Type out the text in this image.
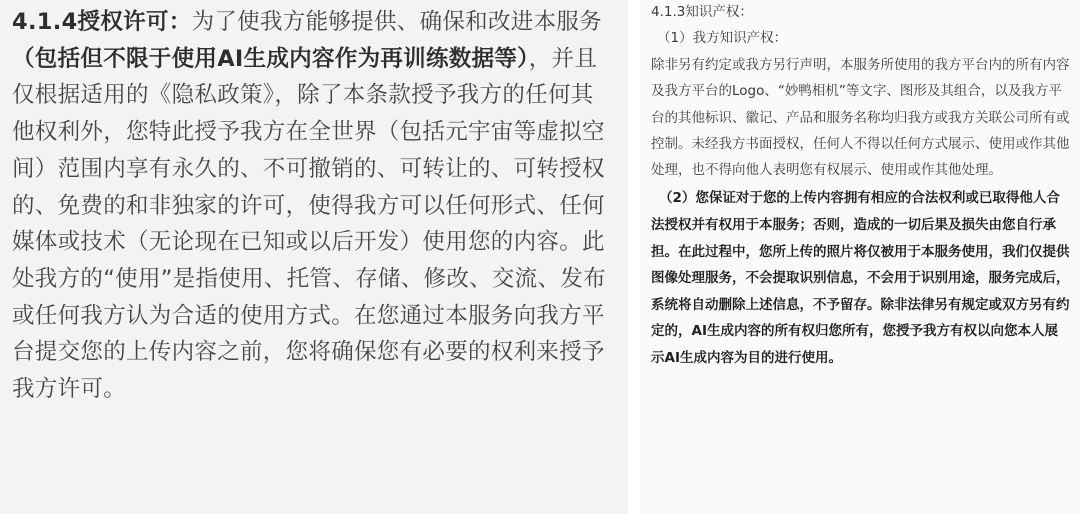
4.1.4授权许可：为了使我方能够提供、确保和改进本服务（包括但不限于使用AI生成内容作为再训练数据等），并且仅根据适用的《隐私政策》，除了本条款授予我方的任何其他权利外，您特此授予我方在全世界（包括元宇宙等虚拟空间）范围内享有永久的、不可撤销的、可转让的、可转授权的、免费的和非独家的许可，使得我方可以任何形式、任何媒体或技术（无论现在已知或以后开发）使用您的内容。此处我方的“使用”是指使用、托管、存储、修改、交流、发布或任何我方认为合适的使用方式。在您通过本服务向我方平台提交您的上传内容之前，您将确保您有必要的权利来授予我方许可。

4.1.3知识产权：

（1）我方知识产权：

除非另有约定或我方另行声明，本服务所使用的我方平台内的所有内容及我方平台的Logo、“妙鸭相机”等文字、图形及其组合，以及我方平台的其他标识、徽记、产品和服务名称均归我方或我方关联公司所有或控制。未经我方书面授权，任何人不得以任何方式展示、使用或作其他处理，也不得向他人表明您有权展示、使用或作其他处理。

（2）您保证对于您的上传内容拥有相应的合法权利或已取得他人合法授权并有权用于本服务；否则，造成的一切后果及损失由您自行承担。在此过程中，您所上传的照片将仅被用于本服务使用，我们仅提供图像处理服务，不会提取识别信息，不会用于识别用途，服务完成后，系统将自动删除上述信息，不予留存。除非法律另有规定或双方另有约定的，AI生成内容的所有权归您所有，您授予我方有权以向您本人展示AI生成内容为目的进行使用。
